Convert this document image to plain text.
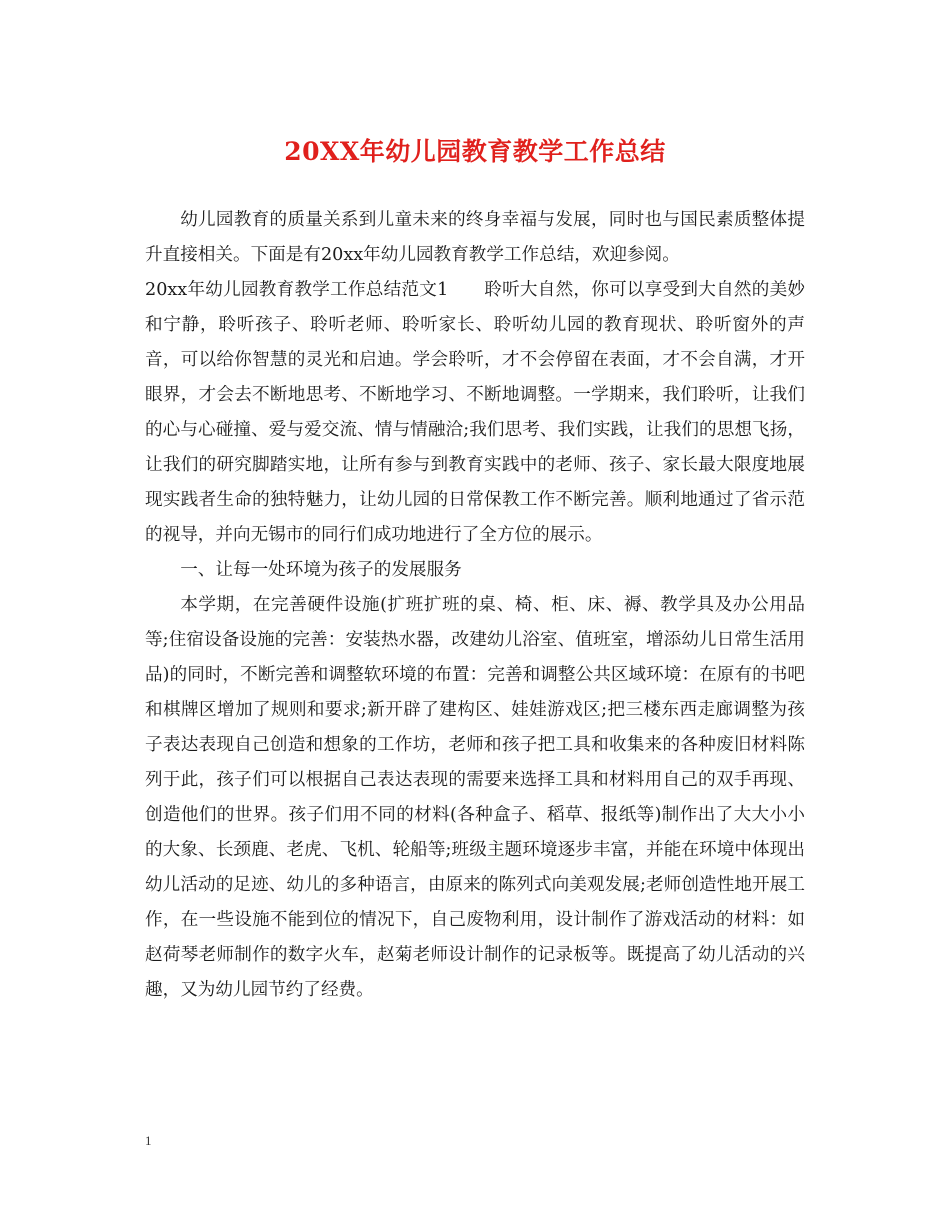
20XX年幼儿园教育教学工作总结

幼儿园教育的质量关系到儿童未来的终身幸福与发展，同时也与国民素质整体提升直接相关。下面是有20xx年幼儿园教育教学工作总结，欢迎参阅。

20xx年幼儿园教育教学工作总结范文1　　聆听大自然，你可以享受到大自然的美妙和宁静，聆听孩子、聆听老师、聆听家长、聆听幼儿园的教育现状、聆听窗外的声音，可以给你智慧的灵光和启迪。学会聆听，才不会停留在表面，才不会自满，才开眼界，才会去不断地思考、不断地学习、不断地调整。一学期来，我们聆听，让我们的心与心碰撞、爱与爱交流、情与情融洽;我们思考、我们实践，让我们的思想飞扬，让我们的研究脚踏实地，让所有参与到教育实践中的老师、孩子、家长最大限度地展现实践者生命的独特魅力，让幼儿园的日常保教工作不断完善。顺利地通过了省示范的视导，并向无锡市的同行们成功地进行了全方位的展示。

一、让每一处环境为孩子的发展服务

本学期，在完善硬件设施(扩班扩班的桌、椅、柜、床、褥、教学具及办公用品等;住宿设备设施的完善：安装热水器，改建幼儿浴室、值班室，增添幼儿日常生活用品)的同时，不断完善和调整软环境的布置：完善和调整公共区域环境：在原有的书吧和棋牌区增加了规则和要求;新开辟了建构区、娃娃游戏区;把三楼东西走廊调整为孩子表达表现自己创造和想象的工作坊，老师和孩子把工具和收集来的各种废旧材料陈列于此，孩子们可以根据自己表达表现的需要来选择工具和材料用自己的双手再现、创造他们的世界。孩子们用不同的材料(各种盒子、稻草、报纸等)制作出了大大小小的大象、长颈鹿、老虎、飞机、轮船等;班级主题环境逐步丰富，并能在环境中体现出幼儿活动的足迹、幼儿的多种语言，由原来的陈列式向美观发展;老师创造性地开展工作，在一些设施不能到位的情况下，自己废物利用，设计制作了游戏活动的材料：如赵荷琴老师制作的数字火车，赵菊老师设计制作的记录板等。既提高了幼儿活动的兴趣，又为幼儿园节约了经费。

1
